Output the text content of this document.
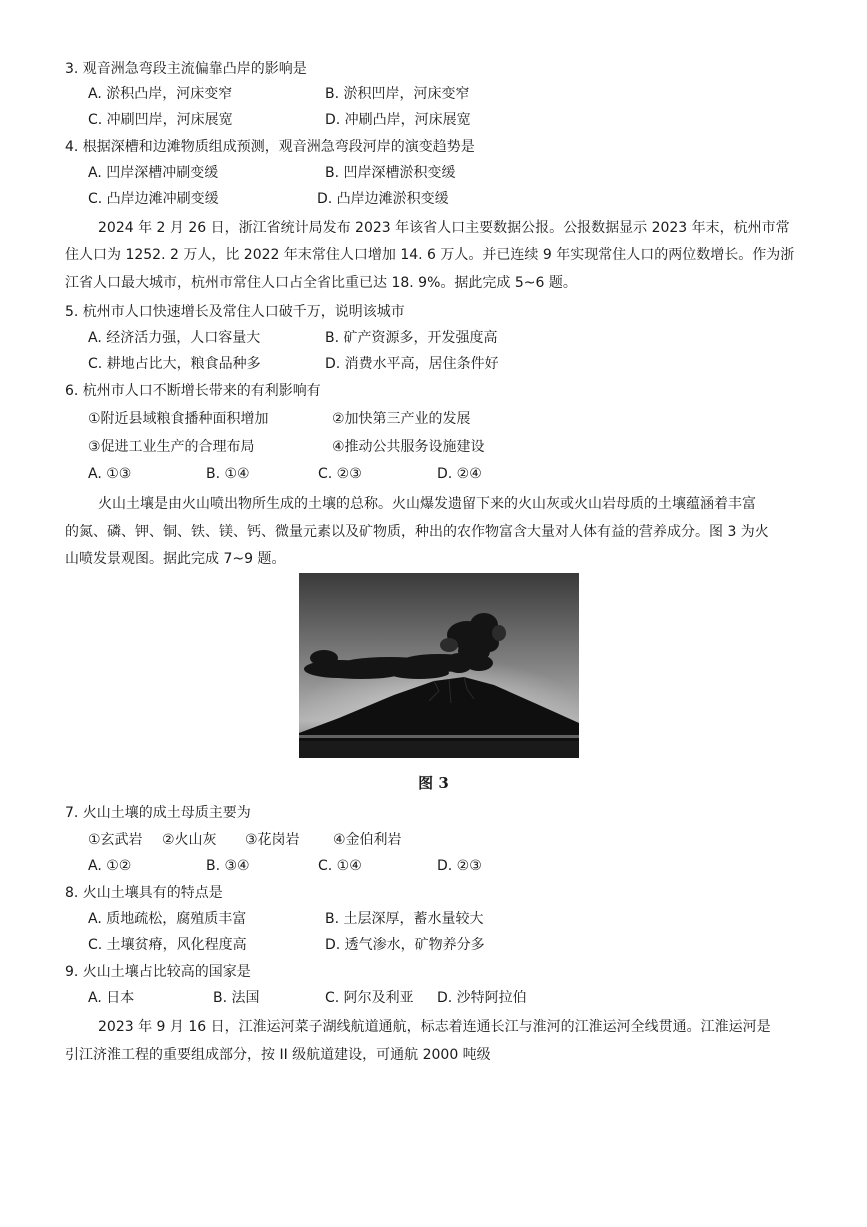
3. 观音洲急弯段主流偏靠凸岸的影响是
A. 淤积凸岸，河床变窄	B. 淤积凹岸，河床变窄
C. 冲刷凹岸，河床展宽	D. 冲刷凸岸，河床展宽
4. 根据深槽和边滩物质组成预测，观音洲急弯段河岸的演变趋势是
A. 凹岸深槽冲刷变缓	B. 凹岸深槽淤积变缓
C. 凸岸边滩冲刷变缓	D. 凸岸边滩淤积变缓
2024 年 2 月 26 日，浙江省统计局发布 2023 年该省人口主要数据公报。公报数据显示 2023 年末，杭州市常
住人口为 1252. 2 万人，比 2022 年末常住人口增加 14. 6 万人。并已连续 9 年实现常住人口的两位数增长。作为浙
江省人口最大城市，杭州市常住人口占全省比重已达 18. 9%。据此完成 5~6 题。
5. 杭州市人口快速增长及常住人口破千万，说明该城市
A. 经济活力强，人口容量大	B. 矿产资源多，开发强度高
C. 耕地占比大，粮食品种多	D. 消费水平高，居住条件好
6. 杭州市人口不断增长带来的有利影响有
①附近县域粮食播种面积增加	②加快第三产业的发展
③促进工业生产的合理布局	④推动公共服务设施建设
A. ①③	B. ①④	C. ②③	D. ②④
火山土壤是由火山喷出物所生成的土壤的总称。火山爆发遗留下来的火山灰或火山岩母质的土壤蕴涵着丰富
的氮、磷、钾、铜、铁、镁、钙、微量元素以及矿物质，种出的农作物富含大量对人体有益的营养成分。图 3 为火
山喷发景观图。据此完成 7~9 题。
图 3
7. 火山土壤的成土母质主要为
①玄武岩 ②火山灰 ③花岗岩 ④金伯利岩
A. ①②	B. ③④	C. ①④	D. ②③
8. 火山土壤具有的特点是
A. 质地疏松，腐殖质丰富	B. 土层深厚，蓄水量较大
C. 土壤贫瘠，风化程度高	D. 透气渗水，矿物养分多
9. 火山土壤占比较高的国家是
A. 日本	B. 法国	C. 阿尔及利亚 D. 沙特阿拉伯
2023 年 9 月 16 日，江淮运河菜子湖线航道通航，标志着连通长江与淮河的江淮运河全线贯通。江淮运河是
引江济淮工程的重要组成部分，按 II 级航道建设，可通航 2000 吨级
